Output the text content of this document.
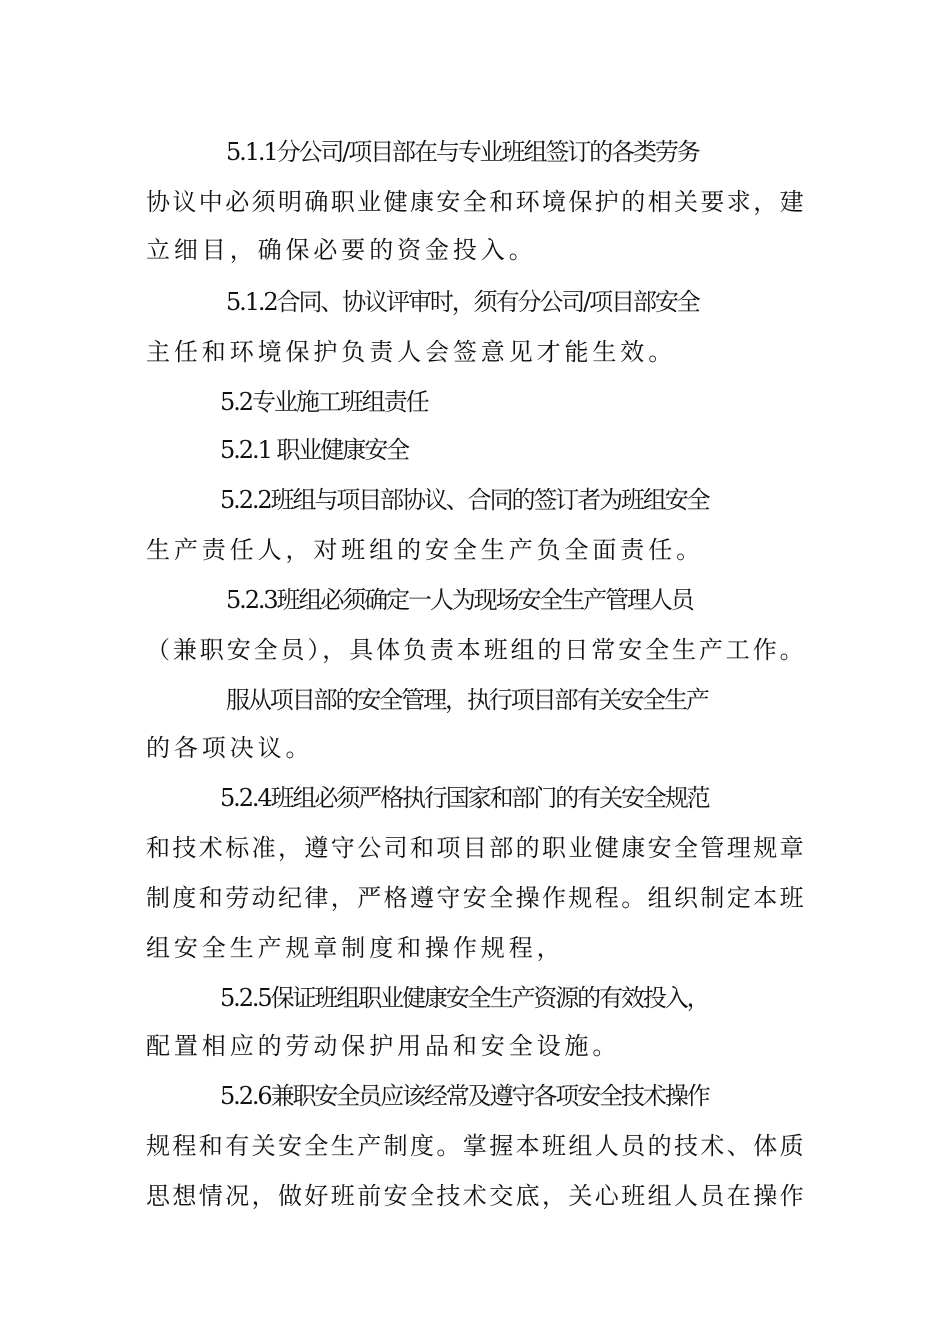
5.1.1分公司/项目部在与专业班组签订的各类劳务
协议中必须明确职业健康安全和环境保护的相关要求，建
立细目，确保必要的资金投入。
5.1.2合同、协议评审时，须有分公司/项目部安全
主任和环境保护负责人会签意见才能生效。
5.2专业施工班组责任
5.2.1 职业健康安全
5.2.2班组与项目部协议、合同的签订者为班组安全
生产责任人，对班组的安全生产负全面责任。
5.2.3班组必须确定一人为现场安全生产管理人员
（兼职安全员），具体负责本班组的日常安全生产工作。
服从项目部的安全管理，执行项目部有关安全生产
的各项决议。
5.2.4班组必须严格执行国家和部门的有关安全规范
和技术标准，遵守公司和项目部的职业健康安全管理规章
制度和劳动纪律，严格遵守安全操作规程。组织制定本班
组安全生产规章制度和操作规程，
5.2.5保证班组职业健康安全生产资源的有效投入，
配置相应的劳动保护用品和安全设施。
5.2.6兼职安全员应该经常及遵守各项安全技术操作
规程和有关安全生产制度。掌握本班组人员的技术、体质
思想情况，做好班前安全技术交底，关心班组人员在操作
